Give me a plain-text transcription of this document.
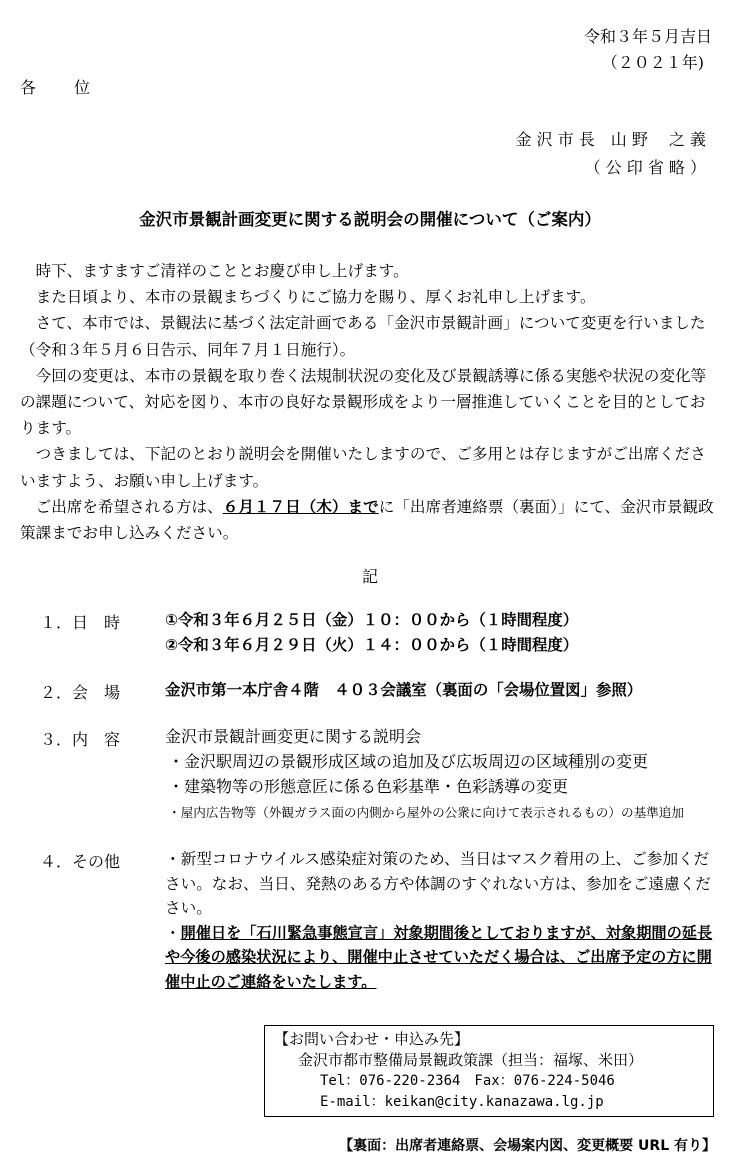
令和３年５月吉日
（２０２１年)
各　　位
金 沢 市 長　山 野　 之 義
（ 公 印 省 略 ）
金沢市景観計画変更に関する説明会の開催について（ご案内）

時下、ますますご清祥のこととお慶び申し上げます。

また日頃より、本市の景観まちづくりにご協力を賜り、厚くお礼申し上げます。

さて、本市では、景観法に基づく法定計画である「金沢市景観計画」について変更を行いました（令和３年５月６日告示、同年７月１日施行）。

今回の変更は、本市の景観を取り巻く法規制状況の変化及び景観誘導に係る実態や状況の変化等の課題について、対応を図り、本市の良好な景観形成をより一層推進していくことを目的としております。

つきましては、下記のとおり説明会を開催いたしますので、ご多用とは存じますがご出席くださいますよう、お願い申し上げます。

ご出席を希望される方は、６月１７日（木）までに「出席者連絡票（裏面）」にて、金沢市景観政策課までお申し込みください。

記
１．日　時	①令和３年６月２５日（金）１０：００から（１時間程度）
②令和３年６月２９日（火）１４：００から（１時間程度）
２．会　場	金沢市第一本庁舎４階　４０３会議室（裏面の「会場位置図」参照）
３．内　容	金沢市景観計画変更に関する説明会
・金沢駅周辺の景観形成区域の追加及び広坂周辺の区域種別の変更
・建築物等の形態意匠に係る色彩基準・色彩誘導の変更
・屋内広告物等（外観ガラス面の内側から屋外の公衆に向けて表示されるもの）の基準追加
４．その他	・新型コロナウイルス感染症対策のため、当日はマスク着用の上、ご参加ください。なお、当日、発熱のある方や体調のすぐれない方は、参加をご遠慮ください。
・開催日を「石川緊急事態宣言」対象期間後としておりますが、対象期間の延長や今後の感染状況により、開催中止させていただく場合は、ご出席予定の方に開催中止のご連絡をいたします。
【お問い合わせ・申込み先】
金沢市都市整備局景観政策課（担当：福塚、米田）
Tel：076-220-2364　Fax：076-224-5046
E-mail：keikan@city.kanazawa.lg.jp
【裏面：出席者連絡票、会場案内図、変更概要 URL 有り】
